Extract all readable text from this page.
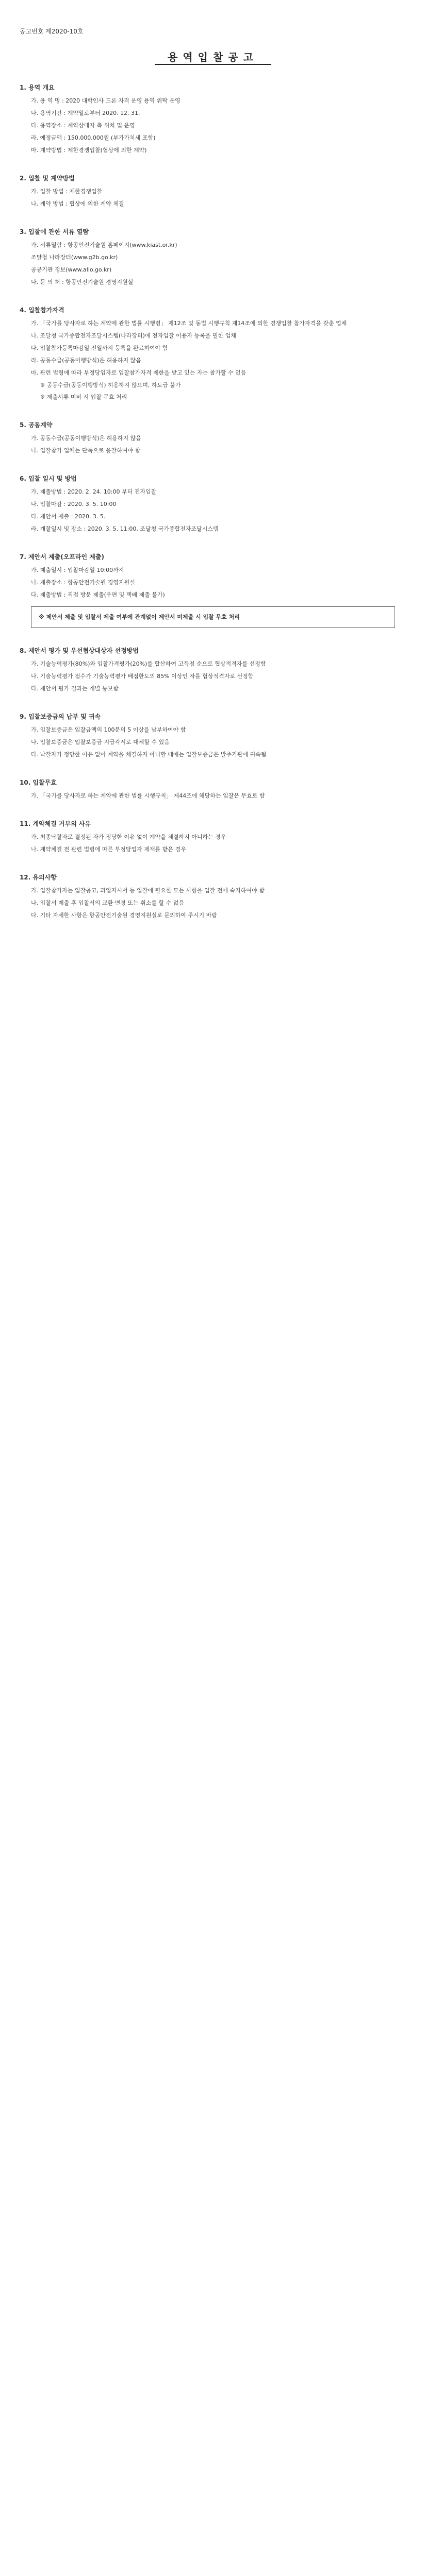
공고번호 제2020-10호
용역입찰공고
1. 용역 개요
가. 용 역 명 : 2020 대학인사 드론 자격 운영 용역 위탁 운영
나. 용역기간 : 계약일로부터 2020. 12. 31.
다. 용역장소 : 계약상대자 측 위치 및 운영
라. 예정금액 : 150,000,000원 (부가가치세 포함)
마. 계약방법 : 제한경쟁입찰(협상에 의한 계약)
2. 입찰 및 계약방법
가. 입찰 방법 : 제한경쟁입찰
나. 계약 방법 : 협상에 의한 계약 체결
3. 입찰에 관한 서류 열람
가. 서류열람 : 항공안전기술원 홈페이지(www.kiast.or.kr)
조달청 나라장터(www.g2b.go.kr)
공공기관 정보(www.alio.go.kr)
나. 문 의 처 : 항공안전기술원 경영지원실
4. 입찰참가자격
가. 「국가를 당사자로 하는 계약에 관한 법률 시행령」 제12조 및 동법 시행규칙 제14조에 의한 경쟁입찰 참가자격을 갖춘 업체
나. 조달청 국가종합전자조달시스템(나라장터)에 전자입찰 이용자 등록을 필한 업체
다. 입찰참가등록마감일 전일까지 등록을 완료하여야 함
라. 공동수급(공동이행방식)은 허용하지 않음
마. 관련 법령에 따라 부정당업자로 입찰참가자격 제한을 받고 있는 자는 참가할 수 없음
※ 공동수급(공동이행방식) 허용하지 않으며, 하도급 불가
※ 제출서류 미비 시 입찰 무효 처리
5. 공동계약
가. 공동수급(공동이행방식)은 허용하지 않음
나. 입찰참가 업체는 단독으로 응찰하여야 함
6. 입찰 일시 및 방법
가. 제출방법 : 2020. 2. 24. 10:00 부터 전자입찰
나. 입찰마감 : 2020. 3. 5. 10:00
다. 제안서 제출 : 2020. 3. 5.
라. 개찰일시 및 장소 : 2020. 3. 5. 11:00, 조달청 국가종합전자조달시스템
7. 제안서 제출(오프라인 제출)
가. 제출일시 : 입찰마감일 10:00까지
나. 제출장소 : 항공안전기술원 경영지원실
다. 제출방법 : 직접 방문 제출(우편 및 택배 제출 불가)
※ 제안서 제출 및 입찰서 제출 여부에 관계없이 제안서 미제출 시 입찰 무효 처리
8. 제안서 평가 및 우선협상대상자 선정방법
가. 기술능력평가(80%)와 입찰가격평가(20%)를 합산하여 고득점 순으로 협상적격자를 선정함
나. 기술능력평가 점수가 기술능력평가 배점한도의 85% 이상인 자를 협상적격자로 선정함
다. 제안서 평가 결과는 개별 통보함
9. 입찰보증금의 납부 및 귀속
가. 입찰보증금은 입찰금액의 100분의 5 이상을 납부하여야 함
나. 입찰보증금은 입찰보증금 지급각서로 대체할 수 있음
다. 낙찰자가 정당한 이유 없이 계약을 체결하지 아니할 때에는 입찰보증금은 발주기관에 귀속됨
10. 입찰무효
가. 「국가를 당사자로 하는 계약에 관한 법률 시행규칙」 제44조에 해당하는 입찰은 무효로 함
11. 계약체결 거부의 사유
가. 최종낙찰자로 결정된 자가 정당한 이유 없이 계약을 체결하지 아니하는 경우
나. 계약체결 전 관련 법령에 따른 부정당업자 제재를 받은 경우
12. 유의사항
가. 입찰참가자는 입찰공고, 과업지시서 등 입찰에 필요한 모든 사항을 입찰 전에 숙지하여야 함
나. 입찰서 제출 후 입찰서의 교환·변경 또는 취소를 할 수 없음
다. 기타 자세한 사항은 항공안전기술원 경영지원실로 문의하여 주시기 바람
